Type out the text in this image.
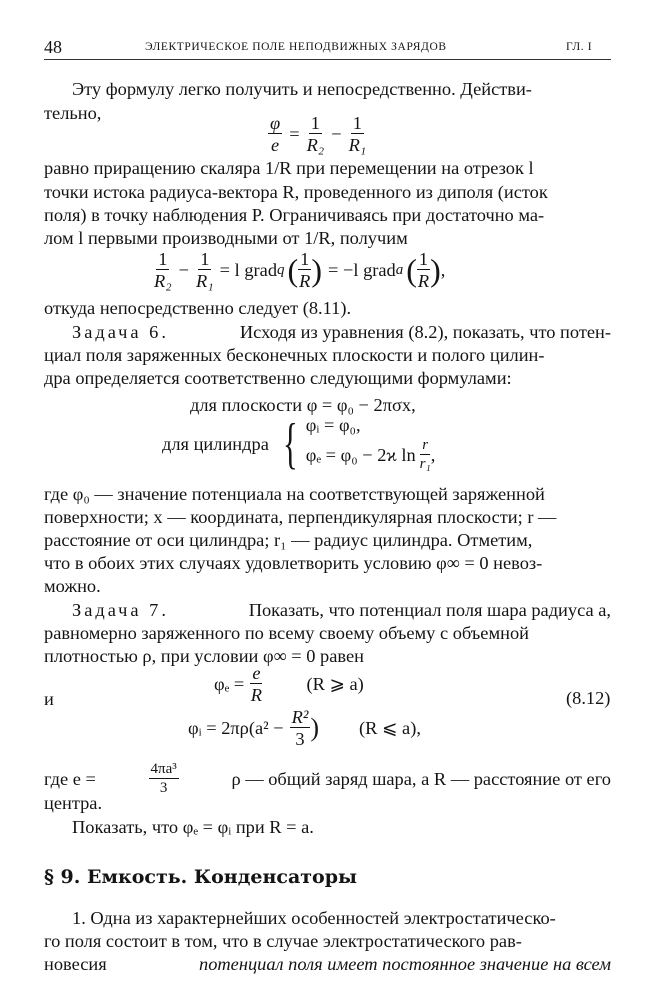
48	ЭЛЕКТРИЧЕСКОЕ ПОЛЕ НЕПОДВИЖНЫХ ЗАРЯДОВ	ГЛ. I
Эту формулу легко получить и непосредственно. Действи-
тельно,
$\frac{\varphi}{e} = \frac{1}{\text{R₂}} - \frac{1}{\text{R₁}}$
равно приращению скаляра 1/R при перемещении на отрезок l
точки истока радиуса-вектора R, проведенного из диполя (исток
поля) в точку наблюдения P. Ограничиваясь при достаточно ма-
лом l первыми производными от 1/R, получим
$\frac{1}{\text{R₂}} - \frac{1}{\text{R₁}} = l$ grad q ( $\frac{1}{R}$ ) = −l grad a ( $\frac{1}{R}$ ) ,
откуда непосредственно следует (8.11).
Задача 6.	Исходя из уравнения (8.2), показать, что потен-
циал поля заряженных бесконечных плоскости и полого цилин-
дра определяется соответственно следующими формулами:
для плоскости φ = φ₀ − 2πσx,
для цилиндра { φᵢ = φ₀,
φₑ = φ₀ − 2ϰ $\ln \frac{r}{\text{r₁}}$ ,
где φ₀ — значение потенциала на соответствующей заряженной
поверхности; x — координата, перпендикулярная плоскости; r —
расстояние от оси цилиндра; r₁ — радиус цилиндра. Отметим,
что в обоих этих случаях удовлетворить условию φ∞ = 0 невоз-
можно.
Задача 7.	Показать, что потенциал поля шара радиуса a,
равномерно заряженного по всему своему объему с объемной
плотностью ρ, при условии φ∞ = 0 равен
$\varphi_e = \frac{e}{R} (R$ ⩾ a)
и	(8.12)
φᵢ = $2\pi\rho(a^2 - \frac{\text{R²}}{3}$ ) (R ⩽ a),
где e =	$\frac{\text{4πa³}}{3}$	ρ — общий заряд шара, а R — расстояние от его
центра.
Показать, что φₑ = φᵢ при R = a.
§ 9. Емкость. Конденсаторы
1. Одна из характернейших особенностей электростатическо-
го поля состоит в том, что в случае электростатического рав-
новесия	потенциал поля имеет постоянное значение на всем
